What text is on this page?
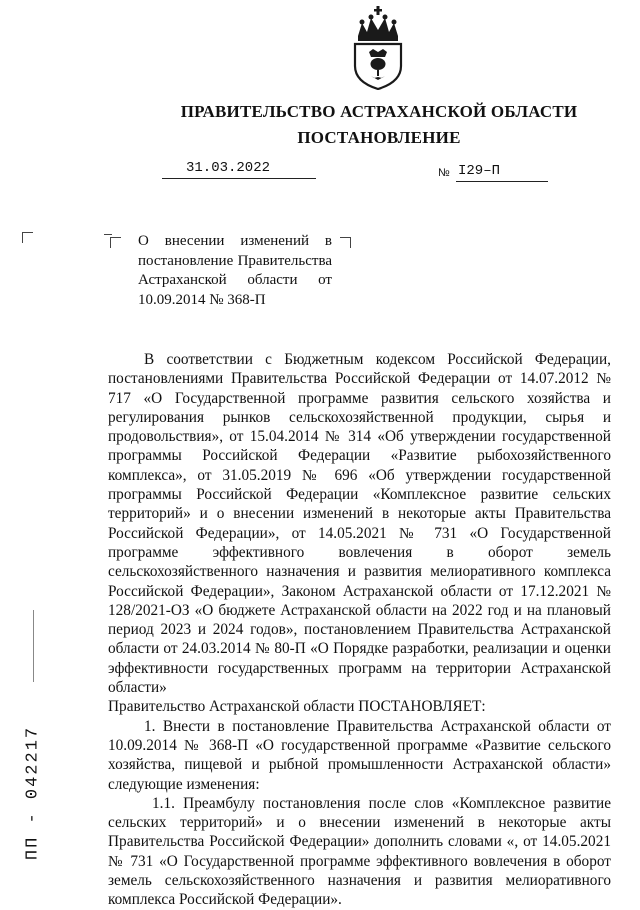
ПРАВИТЕЛЬСТВО АСТРАХАНСКОЙ ОБЛАСТИ
ПОСТАНОВЛЕНИЕ
31.03.2022	№ I29–П
О внесении изменений в постановление Правительства Астраханской области от 10.09.2014 № 368-П

В соответствии с Бюджетным кодексом Российской Федерации, постановлениями Правительства Российской Федерации от 14.07.2012 № 717 «О Государственной программе развития сельского хозяйства и регулирования рынков сельскохозяйственной продукции, сырья и продовольствия», от 15.04.2014 № 314 «Об утверждении государственной программы Российской Федерации «Развитие рыбохозяйственного комплекса», от 31.05.2019 № 696 «Об утверждении государственной программы Российской Федерации «Комплексное развитие сельских территорий» и о внесении изменений в некоторые акты Правительства Российской Федерации», от 14.05.2021 № 731 «О Государственной программе эффективного вовлечения в оборот земель сельскохозяйственного назначения и развития мелиоративного комплекса Российской Федерации», Законом Астраханской области от 17.12.2021 № 128/2021-ОЗ «О бюджете Астраханской области на 2022 год и на плановый период 2023 и 2024 годов», постановлением Правительства Астраханской области от 24.03.2014 № 80-П «О Порядке разработки, реализации и оценки эффективности государственных программ на территории Астраханской области»

Правительство Астраханской области ПОСТАНОВЛЯЕТ:

1. Внести в постановление Правительства Астраханской области от 10.09.2014 № 368-П «О государственной программе «Развитие сельского хозяйства, пищевой и рыбной промышленности Астраханской области» следующие изменения:

1.1. Преамбулу постановления после слов «Комплексное развитие сельских территорий» и о внесении изменений в некоторые акты Правительства Российской Федерации» дополнить словами «, от 14.05.2021 № 731 «О Государственной программе эффективного вовлечения в оборот земель сельскохозяйственного назначения и развития мелиоративного комплекса Российской Федерации».

ПП - 042217
